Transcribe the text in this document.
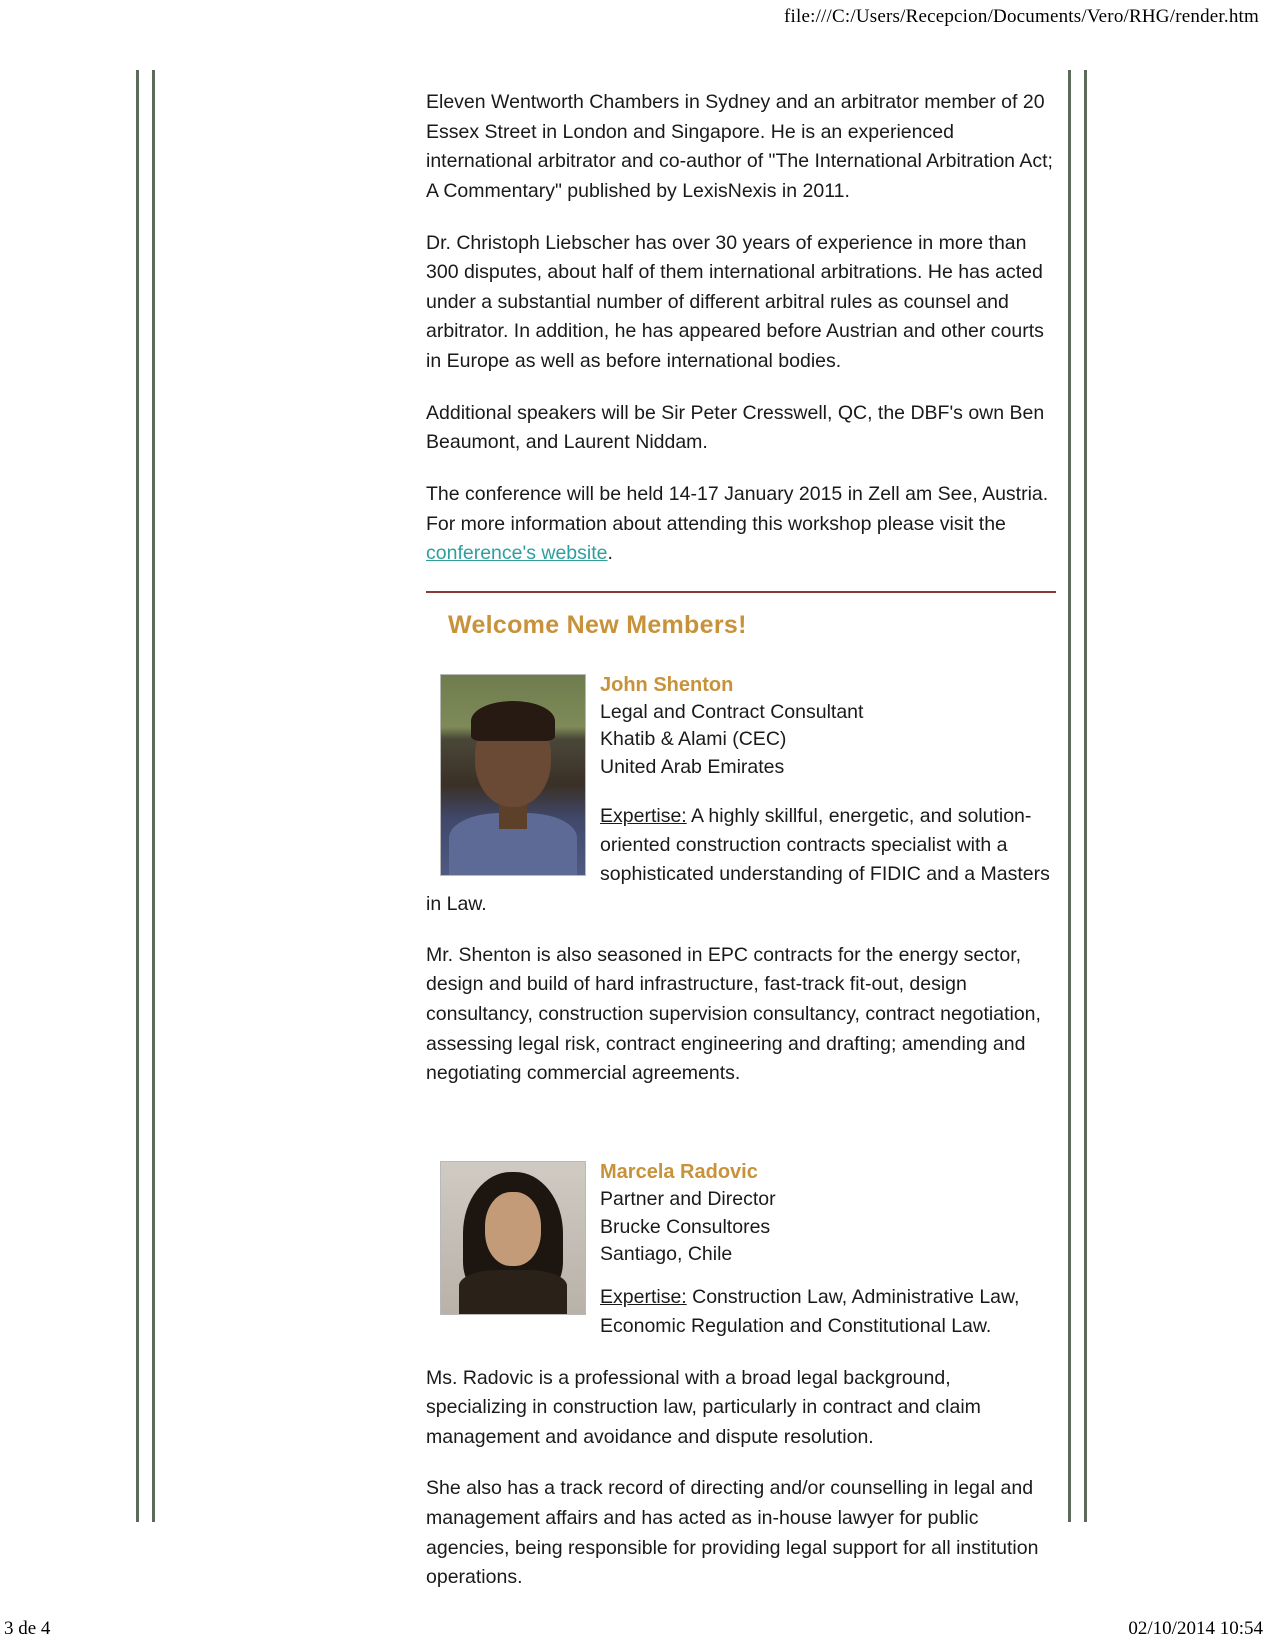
file:///C:/Users/Recepcion/Documents/Vero/RHG/render.htm

Eleven Wentworth Chambers in Sydney and an arbitrator member of 20 Essex Street in London and Singapore. He is an experienced international arbitrator and co-author of "The International Arbitration Act; A Commentary" published by LexisNexis in 2011.

Dr. Christoph Liebscher has over 30 years of experience in more than 300 disputes, about half of them international arbitrations. He has acted under a substantial number of different arbitral rules as counsel and arbitrator. In addition, he has appeared before Austrian and other courts in Europe as well as before international bodies.

Additional speakers will be Sir Peter Cresswell, QC, the DBF's own Ben Beaumont, and Laurent Niddam.

The conference will be held 14-17 January 2015 in Zell am See, Austria. For more information about attending this workshop please visit the conference's website.

Welcome New Members!
John Shenton
Legal and Contract Consultant
Khatib & Alami (CEC)
United Arab Emirates
Expertise: A highly skillful, energetic, and solution-oriented construction contracts specialist with a sophisticated understanding of FIDIC and a Masters in Law.

Mr. Shenton is also seasoned in EPC contracts for the energy sector, design and build of hard infrastructure, fast-track fit-out, design consultancy, construction supervision consultancy, contract negotiation, assessing legal risk, contract engineering and drafting; amending and negotiating commercial agreements.

Marcela Radovic
Partner and Director
Brucke Consultores
Santiago, Chile
Expertise: Construction Law, Administrative Law, Economic Regulation and Constitutional Law.

Ms. Radovic is a professional with a broad legal background, specializing in construction law, particularly in contract and claim management and avoidance and dispute resolution.

She also has a track record of directing and/or counselling in legal and management affairs and has acted as in-house lawyer for public agencies, being responsible for providing legal support for all institution operations.

3 de 4	02/10/2014 10:54
